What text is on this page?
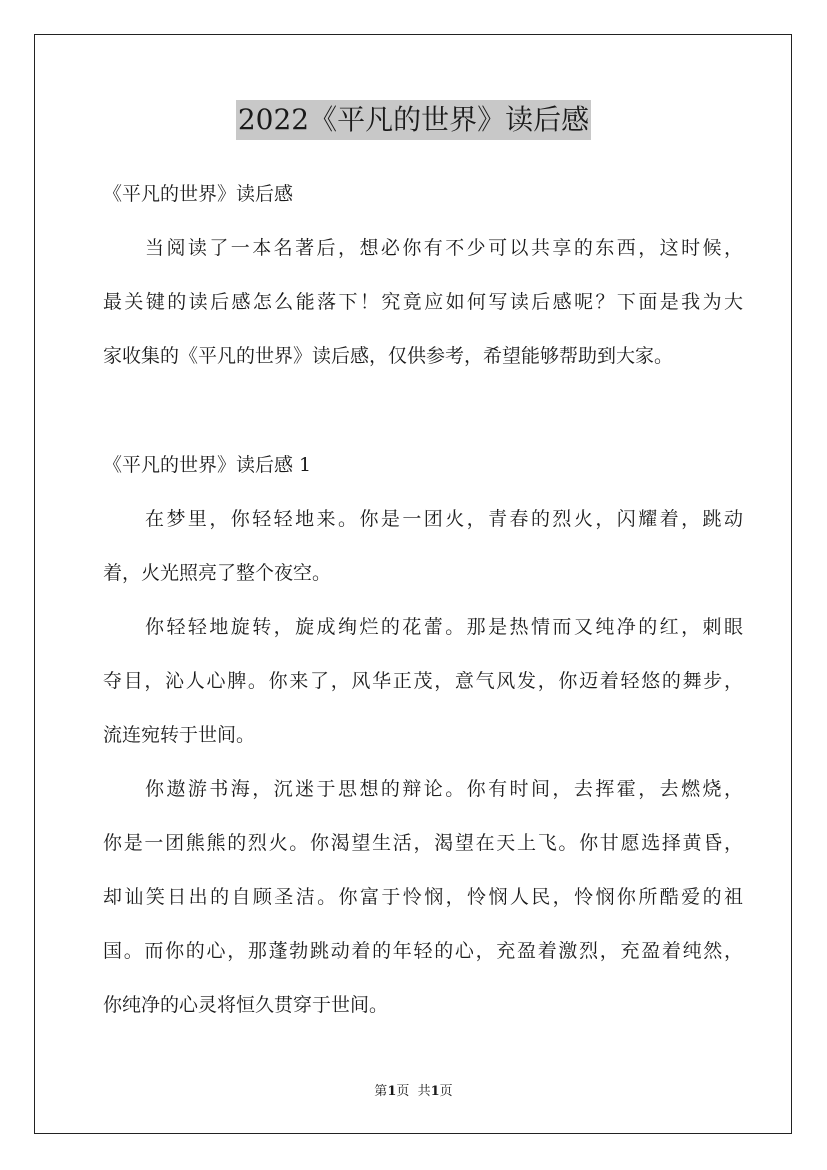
2022《平凡的世界》读后感
《平凡的世界》读后感
当阅读了一本名著后，想必你有不少可以共享的东西，这时候，
最关键的读后感怎么能落下！究竟应如何写读后感呢？下面是我为大
家收集的《平凡的世界》读后感，仅供参考，希望能够帮助到大家。
《平凡的世界》读后感 1
在梦里，你轻轻地来。你是一团火，青春的烈火，闪耀着，跳动
着，火光照亮了整个夜空。
你轻轻地旋转，旋成绚烂的花蕾。那是热情而又纯净的红，刺眼
夺目，沁人心脾。你来了，风华正茂，意气风发，你迈着轻悠的舞步，
流连宛转于世间。
你遨游书海，沉迷于思想的辩论。你有时间，去挥霍，去燃烧，
你是一团熊熊的烈火。你渴望生活，渴望在天上飞。你甘愿选择黄昏，
却讪笑日出的自顾圣洁。你富于怜悯，怜悯人民，怜悯你所酷爱的祖
国。而你的心，那蓬勃跳动着的年轻的心，充盈着激烈，充盈着纯然，
你纯净的心灵将恒久贯穿于世间。
第1页  共1页
